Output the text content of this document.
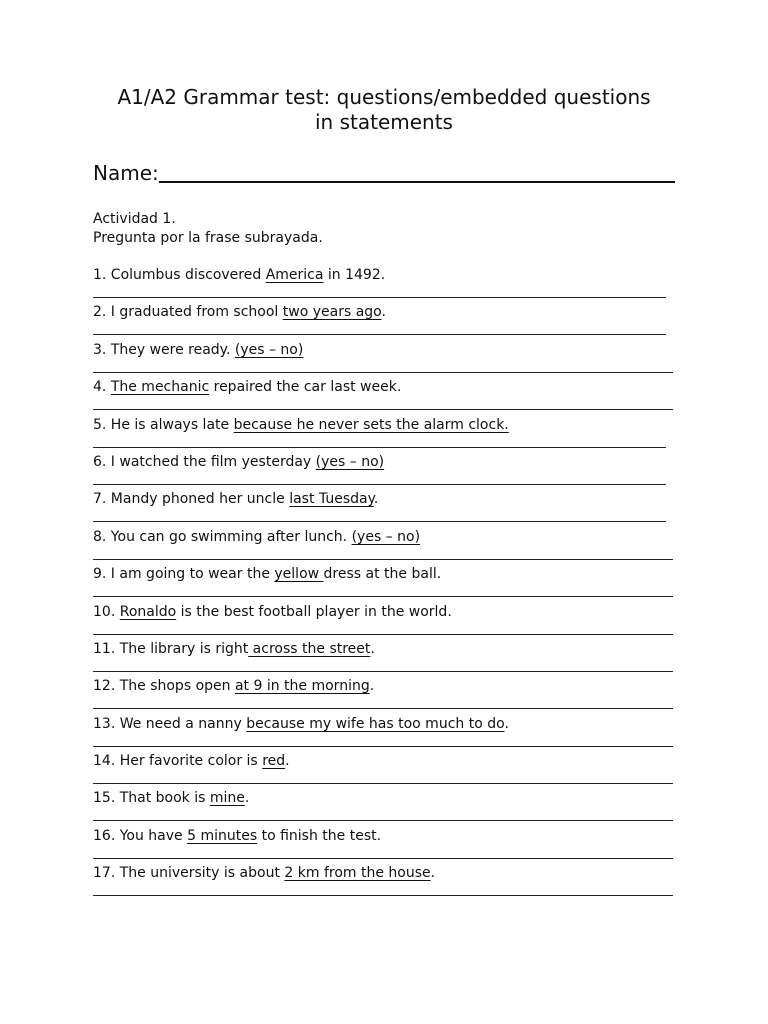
A1/A2 Grammar test: questions/embedded questions
in statements
Name:
Actividad 1.
Pregunta por la frase subrayada.
1. Columbus discovered America in 1492.
2. I graduated from school two years ago.
3. They were ready. (yes – no)
4. The mechanic repaired the car last week.
5. He is always late because he never sets the alarm clock.
6. I watched the film yesterday (yes – no)
7. Mandy phoned her uncle last Tuesday.
8. You can go swimming after lunch. (yes – no)
9. I am going to wear the yellow dress at the ball.
10. Ronaldo is the best football player in the world.
11. The library is right across the street.
12. The shops open at 9 in the morning.
13. We need a nanny because my wife has too much to do.
14. Her favorite color is red.
15. That book is mine.
16. You have 5 minutes to finish the test.
17. The university is about 2 km from the house.
